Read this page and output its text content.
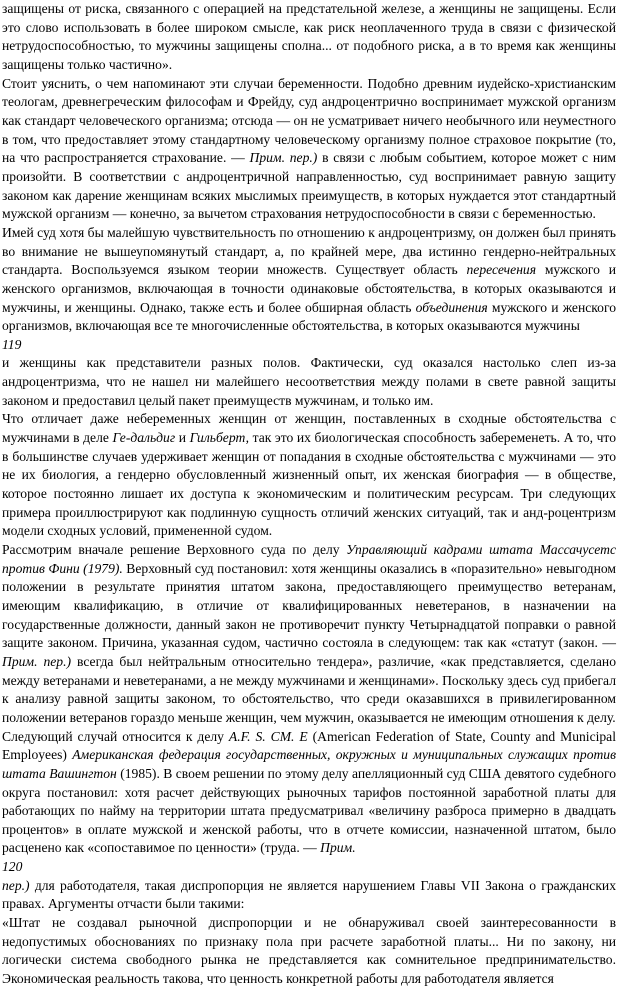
защищены от риска, связанного с операцией на предстательной железе, а женщины не защищены. Если это слово использовать в более широком смысле, как риск неоплаченного труда в связи с физической нетрудоспособностью, то мужчины защищены сполна... от подобного риска, а в то время как женщины защищены только частично».

Стоит уяснить, о чем напоминают эти случаи беременности. Подобно древним иудейско-христианским теологам, древнегреческим философам и Фрейду, суд андроцентрично воспринимает мужской организм как стандарт человеческого организма; отсюда — он не усматривает ничего необычного или неуместного в том, что предоставляет этому стандартному человеческому организму полное страховое покрытие (то, на что распространяется страхование. — Прим. пер.) в связи с любым событием, которое может с ним произойти. В соответствии с андроцентричной направленностью, суд воспринимает равную защиту законом как дарение женщинам всяких мыслимых преимуществ, в которых нуждается этот стандартный мужской организм — конечно, за вычетом страхования нетрудоспособности в связи с беременностью.

Имей суд хотя бы малейшую чувствительность по отношению к андроцентризму, он должен был принять во внимание не вышеупомянутый стандарт, а, по крайней мере, два истинно гендерно-нейтральных стандарта. Воспользуемся языком теории множеств. Существует область пересечения мужского и женского организмов, включающая в точности одинаковые обстоятельства, в которых оказываются и мужчины, и женщины. Однако, также есть и более обширная область объединения мужского и женского организмов, включающая все те многочисленные обстоятельства, в которых оказываются мужчины

119

и женщины как представители разных полов. Фактически, суд оказался настолько слеп из-за андроцентризма, что не нашел ни малейшего несоответствия между полами в свете равной защиты законом и предоставил целый пакет преимуществ мужчинам, и только им.

Что отличает даже небеременных женщин от женщин, поставленных в сходные обстоятельства с мужчинами в деле Ге-дальдиг и Гильберт, так это их биологическая способность забеременеть. А то, что в большинстве случаев удерживает женщин от попадания в сходные обстоятельства с мужчинами — это не их биология, а гендерно обусловленный жизненный опыт, их женская биография — в обществе, которое постоянно лишает их доступа к экономическим и политическим ресурсам. Три следующих примера проиллюстрируют как подлинную сущность отличий женских ситуаций, так и анд-роцентризм модели сходных условий, примененной судом.

Рассмотрим вначале решение Верховного суда по делу Управляющий кадрами штата Массачусетс против Фини (1979). Верховный суд постановил: хотя женщины оказались в «поразительно» невыгодном положении в результате принятия штатом закона, предоставляющего преимущество ветеранам, имеющим квалификацию, в отличие от квалифицированных неветеранов, в назначении на государственные должности, данный закон не противоречит пункту Четырнадцатой поправки о равной защите законом. Причина, указанная судом, частично состояла в следующем: так как «статут (закон. — Прим. пер.) всегда был нейтральным относительно тендера», различие, «как представляется, сделано между ветеранами и неветеранами, а не между мужчинами и женщинами». Поскольку здесь суд прибегал к анализу равной защиты законом, то обстоятельство, что среди оказавшихся в привилегированном положении ветеранов гораздо меньше женщин, чем мужчин, оказывается не имеющим отношения к делу.

Следующий случай относится к делу A.F. S. CM. E (American Federation of State, County and Municipal Employees) Американская федерация государственных, окружных и муниципальных служащих против штата Вашингтон (1985). В своем решении по этому делу апелляционный суд США девятого судебного округа постановил: хотя расчет действующих рыночных тарифов постоянной заработной платы для работающих по найму на территории штата предусматривал «величину разброса примерно в двадцать процентов» в оплате мужской и женской работы, что в отчете комиссии, назначенной штатом, было расценено как «сопоставимое по ценности» (труда. — Прим.

120

пер.) для работодателя, такая диспропорция не является нарушением Главы VII Закона о гражданских правах. Аргументы отчасти были такими:

«Штат не создавал рыночной диспропорции и не обнаруживал своей заинтересованности в недопустимых обоснованиях по признаку пола при расчете заработной платы... Ни по закону, ни логически система свободного рынка не представляется как сомнительное предпринимательство. Экономическая реальность такова, что ценность конкретной работы для работодателя является
